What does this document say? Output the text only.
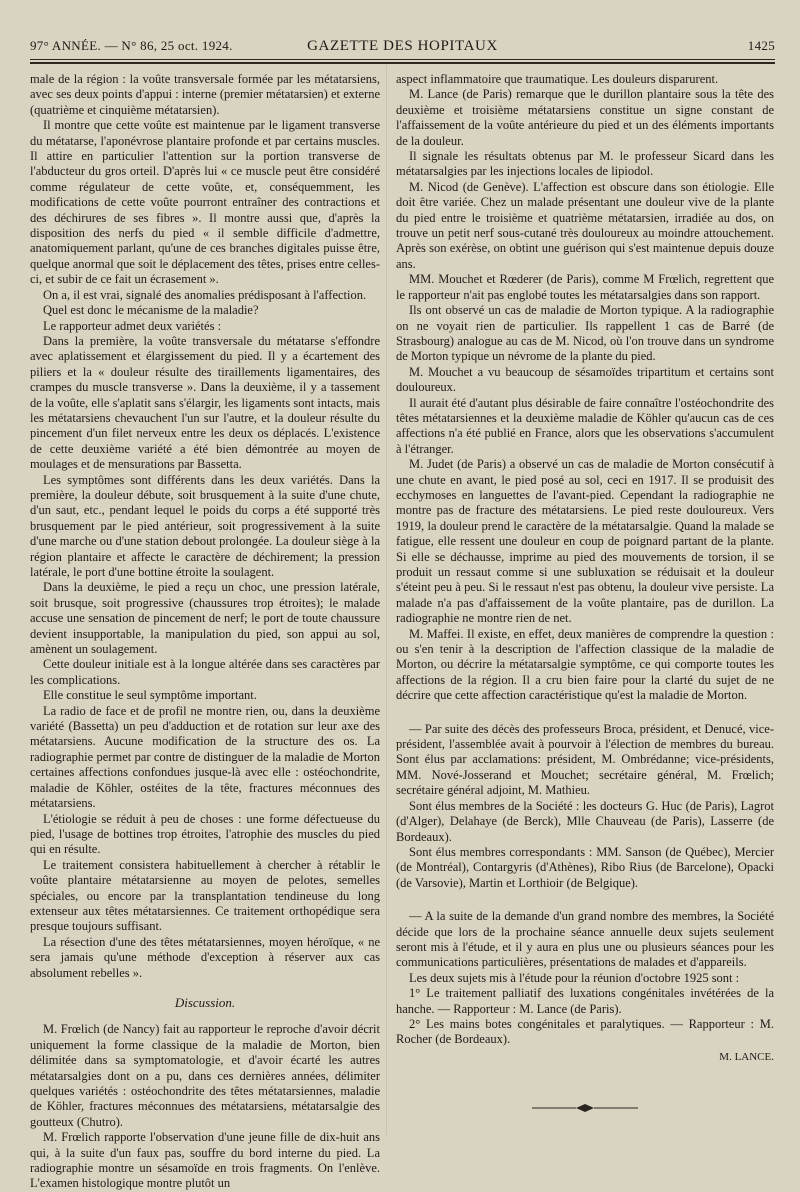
97° ANNÉE. — N° 86, 25 oct. 1924.	GAZETTE DES HOPITAUX	1425

male de la région : la voûte transversale formée par les métatarsiens, avec ses deux points d'appui : interne (premier métatarsien) et externe (quatrième et cinquième métatarsien).

Il montre que cette voûte est maintenue par le ligament transverse du métatarse, l'aponévrose plantaire profonde et par certains muscles. Il attire en particulier l'attention sur la portion transverse de l'abducteur du gros orteil. D'après lui « ce muscle peut être considéré comme régulateur de cette voûte, et, conséquemment, les modifications de cette voûte pourront entraîner des contractions et des déchirures de ses fibres ». Il montre aussi que, d'après la disposition des nerfs du pied « il semble difficile d'admettre, anatomiquement parlant, qu'une de ces branches digitales puisse être, quelque anormal que soit le déplacement des têtes, prises entre celles-ci, et subir de ce fait un écrasement ».

On a, il est vrai, signalé des anomalies prédisposant à l'affection.

Quel est donc le mécanisme de la maladie?

Le rapporteur admet deux variétés :

Dans la première, la voûte transversale du métatarse s'effondre avec aplatissement et élargissement du pied. Il y a écartement des piliers et la « douleur résulte des tiraillements ligamentaires, des crampes du muscle transverse ». Dans la deuxième, il y a tassement de la voûte, elle s'aplatit sans s'élargir, les ligaments sont intacts, mais les métatarsiens chevauchent l'un sur l'autre, et la douleur résulte du pincement d'un filet nerveux entre les deux os déplacés. L'existence de cette deuxième variété a été bien démontrée au moyen de moulages et de mensurations par Bassetta.

Les symptômes sont différents dans les deux variétés. Dans la première, la douleur débute, soit brusquement à la suite d'une chute, d'un saut, etc., pendant lequel le poids du corps a été supporté très brusquement par le pied antérieur, soit progressivement à la suite d'une marche ou d'une station debout prolongée. La douleur siège à la région plantaire et affecte le caractère de déchirement; la pression latérale, le port d'une bottine étroite la soulagent.

Dans la deuxième, le pied a reçu un choc, une pression latérale, soit brusque, soit progressive (chaussures trop étroites); le malade accuse une sensation de pincement de nerf; le port de toute chaussure devient insupportable, la manipulation du pied, son appui au sol, amènent un soulagement.

Cette douleur initiale est à la longue altérée dans ses caractères par les complications.

Elle constitue le seul symptôme important.

La radio de face et de profil ne montre rien, ou, dans la deuxième variété (Bassetta) un peu d'adduction et de rotation sur leur axe des métatarsiens. Aucune modification de la structure des os. La radiographie permet par contre de distinguer de la maladie de Morton certaines affections confondues jusque-là avec elle : ostéochondrite, maladie de Köhler, ostéites de la tête, fractures méconnues des métatarsiens.

L'étiologie se réduit à peu de choses : une forme défectueuse du pied, l'usage de bottines trop étroites, l'atrophie des muscles du pied qui en résulte.

Le traitement consistera habituellement à chercher à rétablir le voûte plantaire métatarsienne au moyen de pelotes, semelles spéciales, ou encore par la transplantation tendineuse du long extenseur aux têtes métatarsiennes. Ce traitement orthopédique sera presque toujours suffisant.

La résection d'une des têtes métatarsiennes, moyen héroïque, « ne sera jamais qu'une méthode d'exception à réserver aux cas absolument rebelles ».

Discussion.

M. Frœlich (de Nancy) fait au rapporteur le reproche d'avoir décrit uniquement la forme classique de la maladie de Morton, bien délimitée dans sa symptomatologie, et d'avoir écarté les autres métatarsalgies dont on a pu, dans ces dernières années, délimiter quelques variétés : ostéochondrite des têtes métatarsiennes, maladie de Köhler, fractures méconnues des métatarsiens, métatarsalgie des goutteux (Chutro).

M. Frœlich rapporte l'observation d'une jeune fille de dix-huit ans qui, à la suite d'un faux pas, souffre du bord interne du pied. La radiographie montre un sésamoïde en trois fragments. On l'enlève. L'examen histologique montre plutôt un

aspect inflammatoire que traumatique. Les douleurs disparurent.

M. Lance (de Paris) remarque que le durillon plantaire sous la tête des deuxième et troisième métatarsiens constitue un signe constant de l'affaissement de la voûte antérieure du pied et un des éléments importants de la douleur.

Il signale les résultats obtenus par M. le professeur Sicard dans les métatarsalgies par les injections locales de lipiodol.

M. Nicod (de Genève). L'affection est obscure dans son étiologie. Elle doit être variée. Chez un malade présentant une douleur vive de la plante du pied entre le troisième et quatrième métatarsien, irradiée au dos, on trouve un petit nerf sous-cutané très douloureux au moindre attouchement. Après son exérèse, on obtint une guérison qui s'est maintenue depuis douze ans.

MM. Mouchet et Rœderer (de Paris), comme M Frœlich, regrettent que le rapporteur n'ait pas englobé toutes les métatarsalgies dans son rapport.

Ils ont observé un cas de maladie de Morton typique. A la radiographie on ne voyait rien de particulier. Ils rappellent 1 cas de Barré (de Strasbourg) analogue au cas de M. Nicod, où l'on trouve dans un syndrome de Morton typique un névrome de la plante du pied.

M. Mouchet a vu beaucoup de sésamoïdes tripartitum et certains sont douloureux.

Il aurait été d'autant plus désirable de faire connaître l'ostéochondrite des têtes métatarsiennes et la deuxième maladie de Köhler qu'aucun cas de ces affections n'a été publié en France, alors que les observations s'accumulent à l'étranger.

M. Judet (de Paris) a observé un cas de maladie de Morton consécutif à une chute en avant, le pied posé au sol, ceci en 1917. Il se produisit des ecchymoses en languettes de l'avant-pied. Cependant la radiographie ne montre pas de fracture des métatarsiens. Le pied reste douloureux. Vers 1919, la douleur prend le caractère de la métatarsalgie. Quand la malade se fatigue, elle ressent une douleur en coup de poignard partant de la plante. Si elle se déchausse, imprime au pied des mouvements de torsion, il se produit un ressaut comme si une subluxation se réduisait et la douleur s'éteint peu à peu. Si le ressaut n'est pas obtenu, la douleur vive persiste. La malade n'a pas d'affaissement de la voûte plantaire, pas de durillon. La radiographie ne montre rien de net.

M. Maffei. Il existe, en effet, deux manières de comprendre la question : ou s'en tenir à la description de l'affection classique de la maladie de Morton, ou décrire la métatarsalgie symptôme, ce qui comporte toutes les affections de la région. Il a cru bien faire pour la clarté du sujet de ne décrire que cette affection caractéristique qu'est la maladie de Morton.

— Par suite des décès des professeurs Broca, président, et Denucé, vice-président, l'assemblée avait à pourvoir à l'élection de membres du bureau. Sont élus par acclamations: président, M. Ombrédanne; vice-présidents, MM. Nové-Josserand et Mouchet; secrétaire général, M. Frœlich; secrétaire général adjoint, M. Mathieu.

Sont élus membres de la Société : les docteurs G. Huc (de Paris), Lagrot (d'Alger), Delahaye (de Berck), Mlle Chauveau (de Paris), Lasserre (de Bordeaux).

Sont élus membres correspondants : MM. Sanson (de Québec), Mercier (de Montréal), Contargyris (d'Athènes), Ribo Rius (de Barcelone), Opacki (de Varsovie), Martin et Lorthioir (de Belgique).

— A la suite de la demande d'un grand nombre des membres, la Société décide que lors de la prochaine séance annuelle deux sujets seulement seront mis à l'étude, et il y aura en plus une ou plusieurs séances pour les communications particulières, présentations de malades et d'appareils.

Les deux sujets mis à l'étude pour la réunion d'octobre 1925 sont :

1° Le traitement palliatif des luxations congénitales invétérées de la hanche. — Rapporteur : M. Lance (de Paris).

2° Les mains botes congénitales et paralytiques. — Rapporteur : M. Rocher (de Bordeaux).

M. LANCE.
